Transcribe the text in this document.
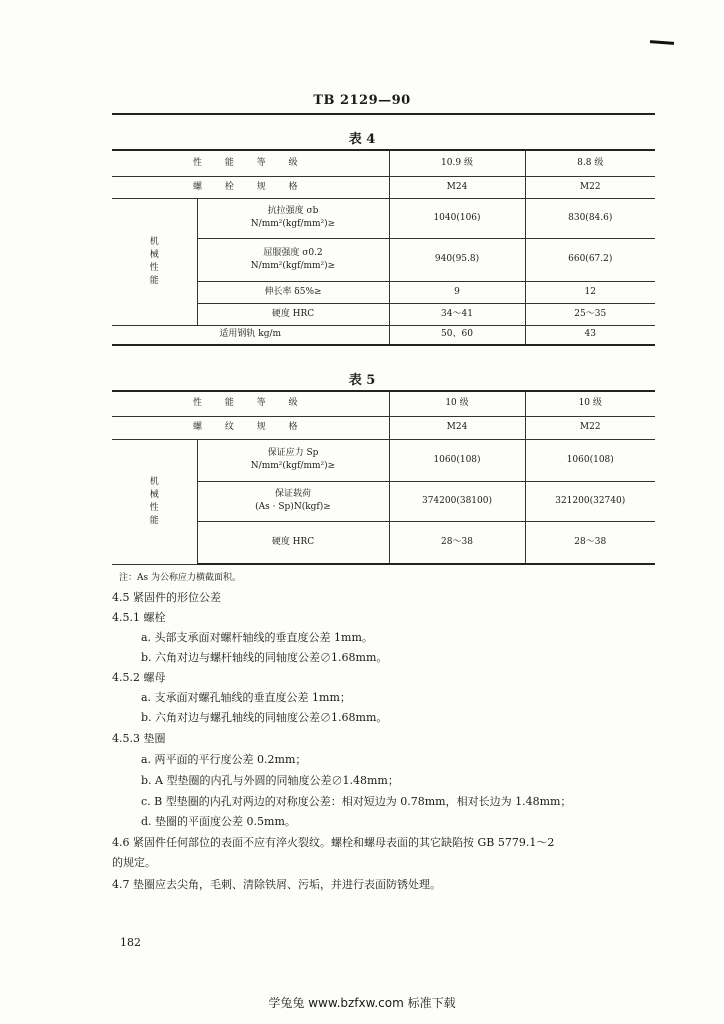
TB 2129—90
表 4
性 能 等 级		10.9 级	8.8 级
螺 栓 规 格		M24	M22
机
械
性
能	抗拉强度 σb
N/mm²(kgf/mm²)≥	1040(106)	830(84.6)
	屈服强度 σ0.2
N/mm²(kgf/mm²)≥	940(95.8)	660(67.2)
	伸长率 δ5%≥	9	12
	硬度 HRC	34～41	25～35
适用钢轨 kg/m		50、60	43
表 5
性 能 等 级		10 级	10 级
螺 纹 规 格		M24	M22
机
械
性
能	保证应力 Sp
N/mm²(kgf/mm²)≥	1060(108)	1060(108)
	保证载荷
(As · Sp)N(kgf)≥	374200(38100)	321200(32740)
	硬度 HRC	28～38	28～38
注：As 为公称应力横截面积。
4.5 紧固件的形位公差
4.5.1 螺栓
a. 头部支承面对螺杆轴线的垂直度公差 1mm。
b. 六角对边与螺杆轴线的同轴度公差∅1.68mm。
4.5.2 螺母
a. 支承面对螺孔轴线的垂直度公差 1mm；
b. 六角对边与螺孔轴线的同轴度公差∅1.68mm。
4.5.3 垫圈
a. 两平面的平行度公差 0.2mm；
b. A 型垫圈的内孔与外圆的同轴度公差∅1.48mm；
c. B 型垫圈的内孔对两边的对称度公差：相对短边为 0.78mm，相对长边为 1.48mm；
d. 垫圈的平面度公差 0.5mm。
4.6 紧固件任何部位的表面不应有淬火裂纹。螺栓和螺母表面的其它缺陷按 GB 5779.1～2
的规定。
4.7 垫圈应去尖角，毛刺、清除铁屑、污垢，并进行表面防锈处理。
182
学兔兔 www.bzfxw.com 标准下载
